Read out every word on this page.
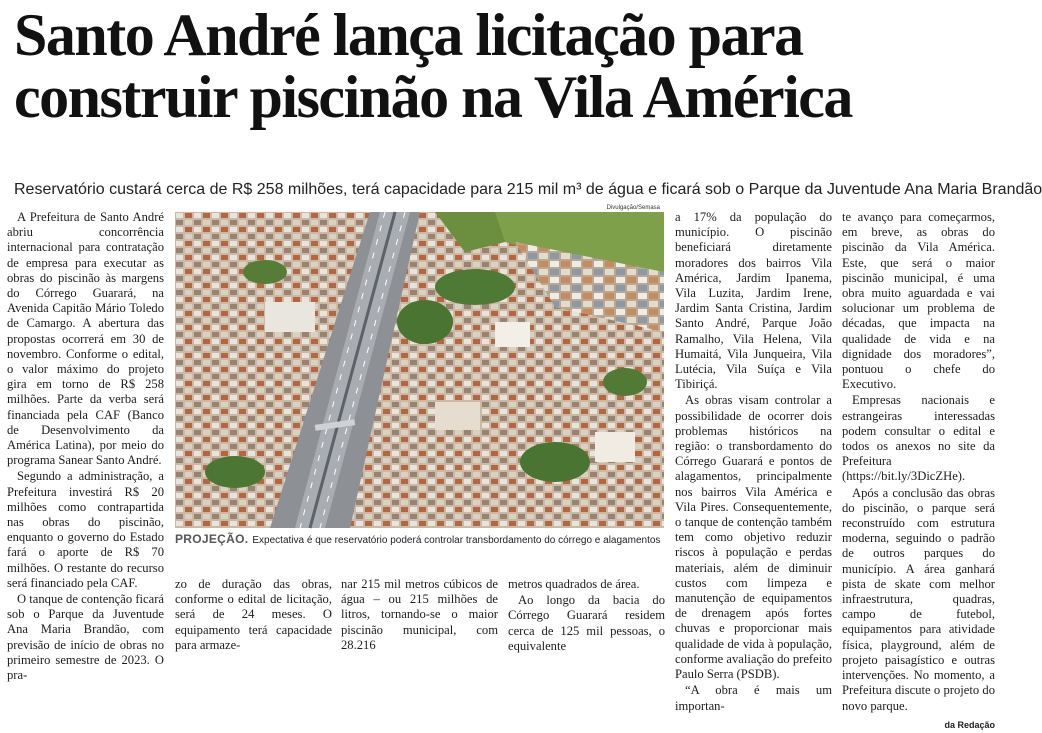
Santo André lança licitação para
construir piscinão na Vila América
Reservatório custará cerca de R$ 258 milhões, terá capacidade para 215 mil m³ de água e ficará sob o Parque da Juventude Ana Maria Brandão

A Prefeitura de Santo André abriu concorrência internacional para contratação de empresa para executar as obras do piscinão às margens do Córrego Guarará, na Avenida Capitão Mário Toledo de Camargo. A abertura das propostas ocorrerá em 30 de novembro. Conforme o edital, o valor máximo do projeto gira em torno de R$ 258 milhões. Parte da verba será financiada pela CAF (Banco de Desenvolvimento da América Latina), por meio do programa Sanear Santo André.

Segundo a administração, a Prefeitura investirá R$ 20 milhões como contrapartida nas obras do piscinão, enquanto o governo do Estado fará o aporte de R$ 70 milhões. O restante do recurso será financiado pela CAF.

O tanque de contenção ficará sob o Parque da Juventude Ana Maria Brandão, com previsão de início de obras no primeiro semestre de 2023. O pra-

Divulgação/Semasa
PROJEÇÃO. Expectativa é que reservatório poderá controlar transbordamento do córrego e alagamentos

zo de duração das obras, conforme o edital de licitação, será de 24 meses. O equipamento terá capacidade para armaze-

nar 215 mil metros cúbicos de água – ou 215 milhões de litros, tornando-se o maior piscinão municipal, com 28.216

metros quadrados de área.

Ao longo da bacia do Córrego Guarará residem cerca de 125 mil pessoas, o equivalente

a 17% da população do município. O piscinão beneficiará diretamente moradores dos bairros Vila América, Jardim Ipanema, Vila Luzita, Jardim Irene, Jardim Santa Cristina, Jardim Santo André, Parque João Ramalho, Vila Helena, Vila Humaitá, Vila Junqueira, Vila Lutécia, Vila Suíça e Vila Tibiriçá.

As obras visam controlar a possibilidade de ocorrer dois problemas históricos na região: o transbordamento do Córrego Guarará e pontos de alagamentos, principalmente nos bairros Vila América e Vila Pires. Consequentemente, o tanque de contenção também tem como objetivo reduzir riscos à população e perdas materiais, além de diminuir custos com limpeza e manutenção de equipamentos de drenagem após fortes chuvas e proporcionar mais qualidade de vida à população, conforme avaliação do prefeito Paulo Serra (PSDB).

“A obra é mais um importan-

te avanço para começarmos, em breve, as obras do piscinão da Vila América. Este, que será o maior piscinão municipal, é uma obra muito aguardada e vai solucionar um problema de décadas, que impacta na qualidade de vida e na dignidade dos moradores”, pontuou o chefe do Executivo.

Empresas nacionais e estrangeiras interessadas podem consultar o edital e todos os anexos no site da Prefeitura (https://bit.ly/3DicZHe).

Após a conclusão das obras do piscinão, o parque será reconstruído com estrutura moderna, seguindo o padrão de outros parques do município. A área ganhará pista de skate com melhor infraestrutura, quadras, campo de futebol, equipamentos para atividade física, playground, além de projeto paisagístico e outras intervenções. No momento, a Prefeitura discute o projeto do novo parque.

da Redação
